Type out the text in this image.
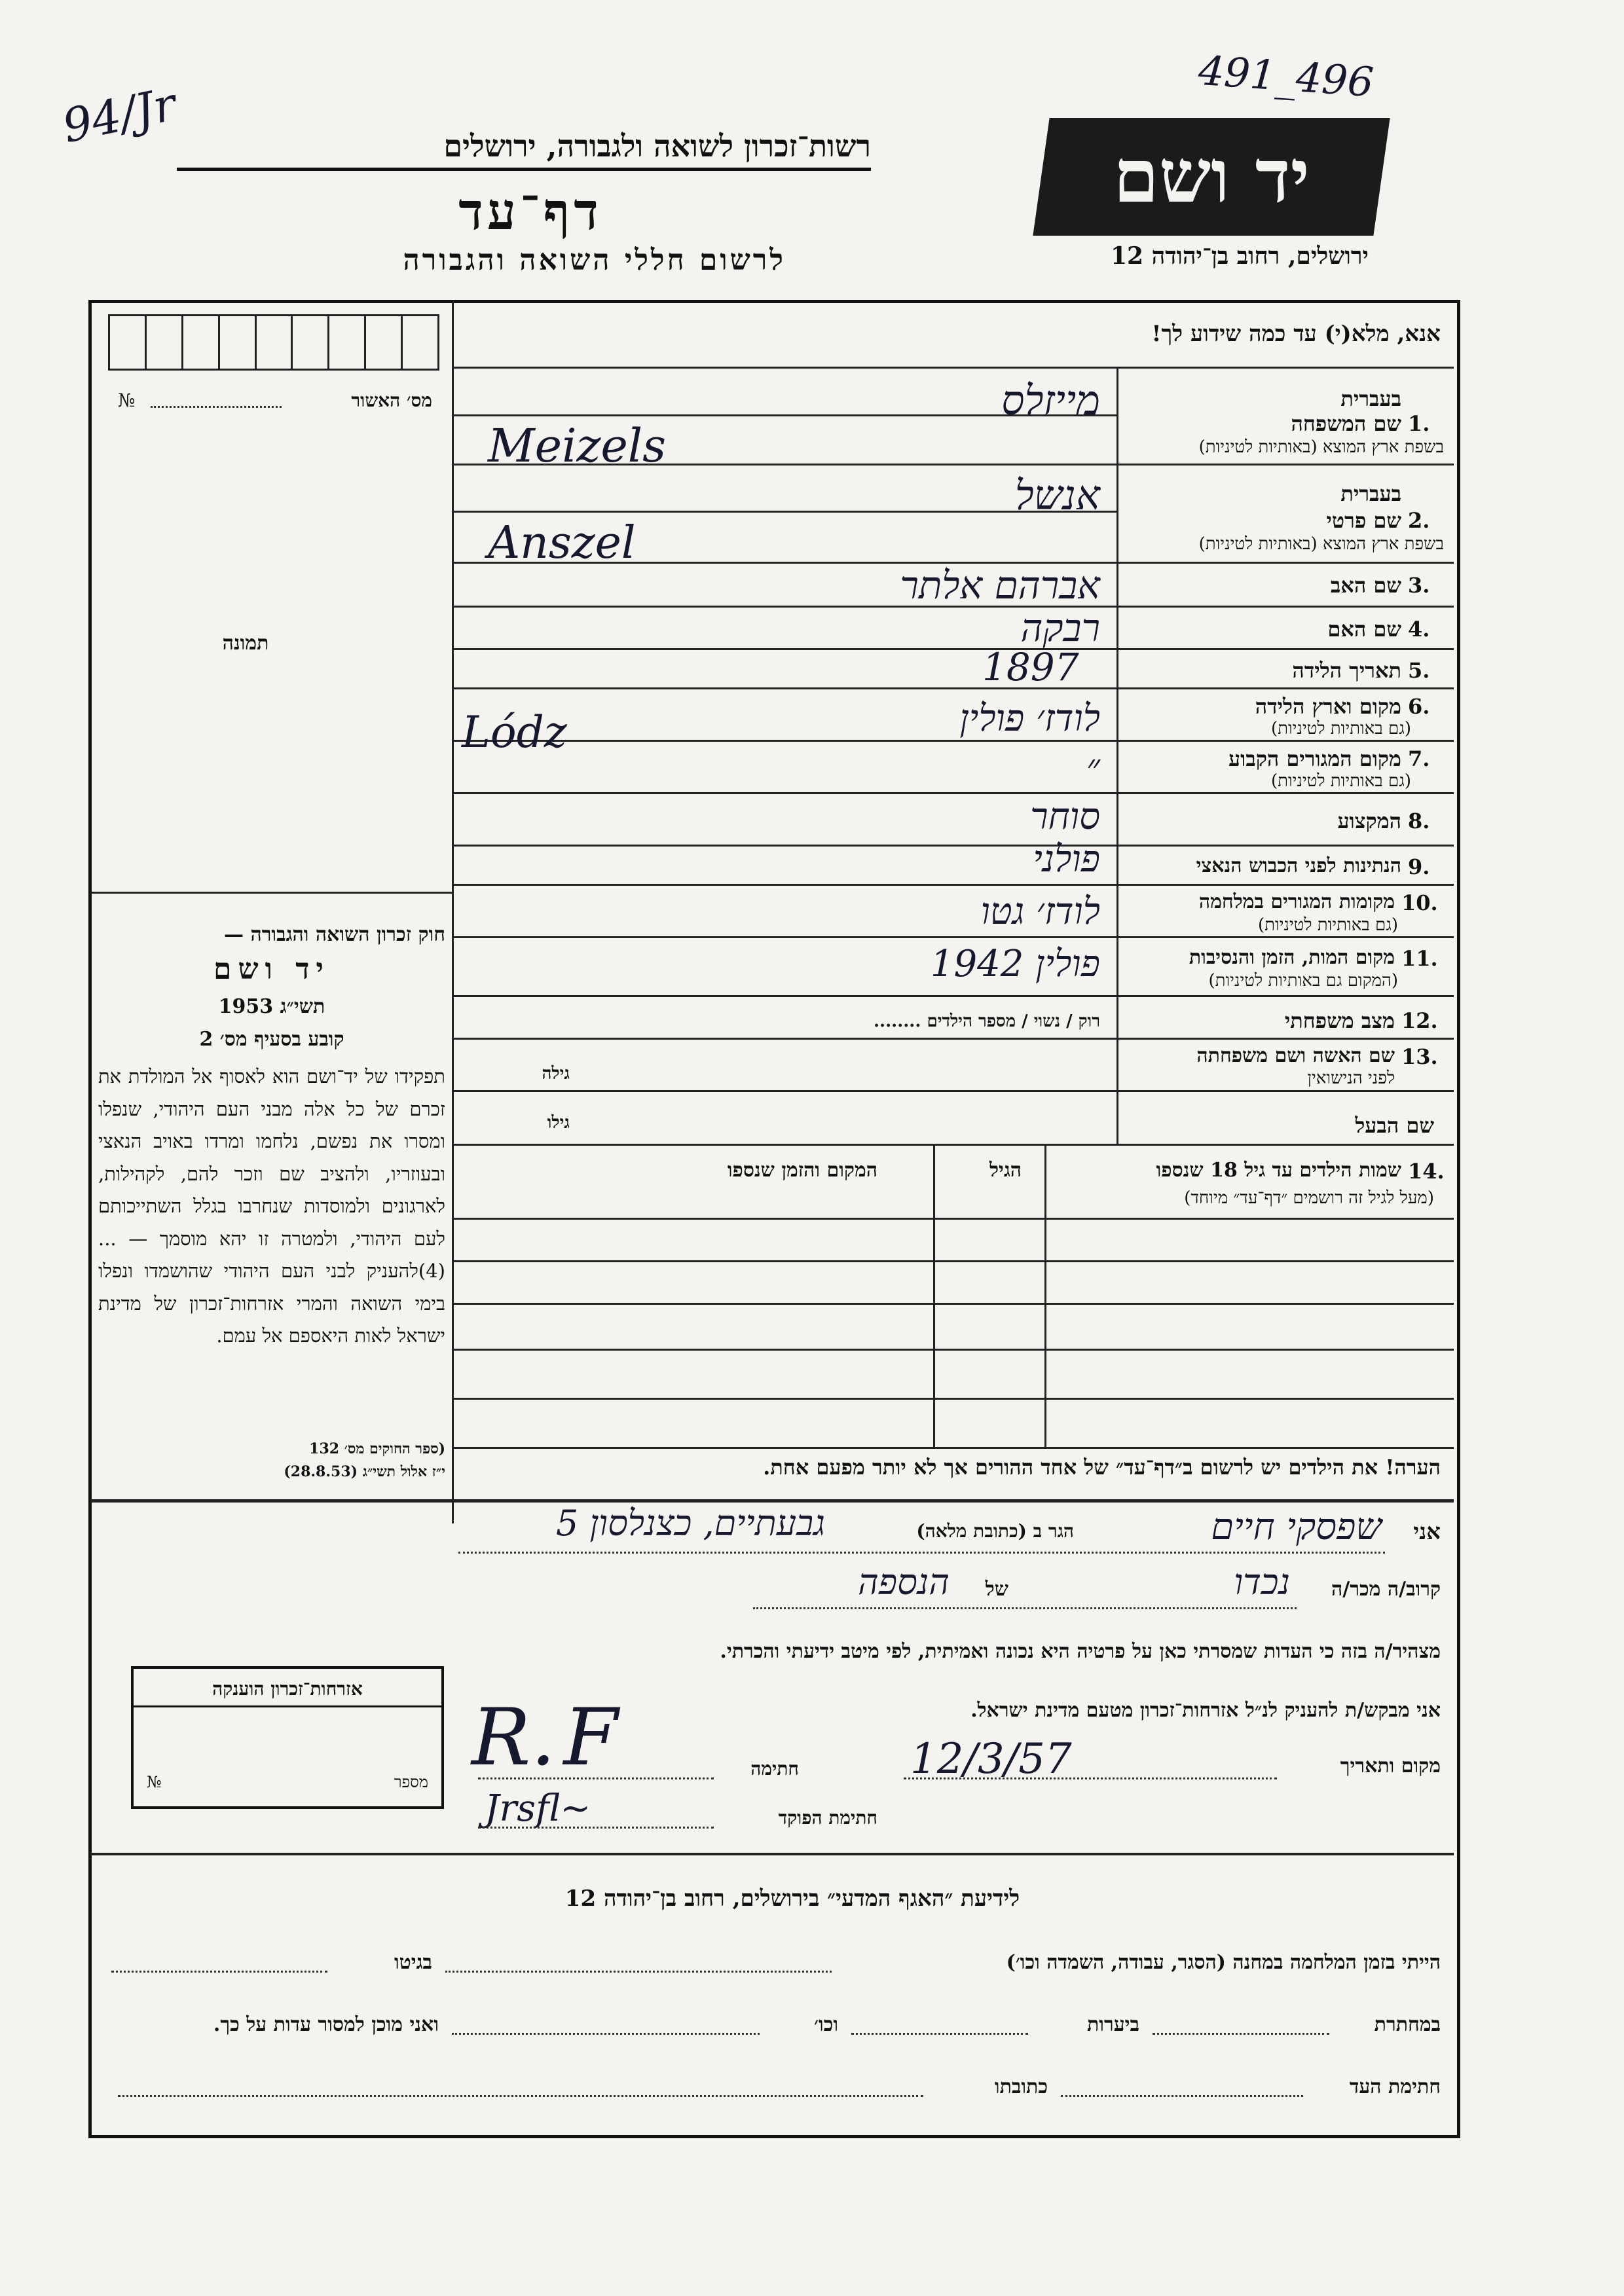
94/Jr
491_496
רשות־זכרון לשואה ולגבורה, ירושלים
דף־עד
לרשום חללי השואה והגבורה
יד ושם
ירושלים, רחוב בן־יהודה 12
אנא, מלא(י) עד כמה שידוע לך!
מס׳ האשור
№
תמונה
חוק זכרון השואה והגבורה —
יד ושם
1953 תשי״ג
קובע בסעיף מס׳ 2
תפקידו של יד־ושם הוא לאסוף אל המולדת את זכרם של כל אלה מבני העם היהודי, שנפלו ומסרו את נפשם, נלחמו ומרדו באויב הנאצי ובעוזריו, ולהציב שם וזכר להם, לקהילות, לארגונים ולמוסדות שנחרבו בגלל השתייכותם לעם היהודי, ולמטרה זו יהא מוסמך — ...(4)להעניק לבני העם היהודי שהושמדו ונפלו בימי השואה והמרי אזרחות־זכרון של מדינת ישראל לאות היאספם אל עמם.
(ספר החוקים מס׳ 132
י״ז אלול תשי״ג (28.8.53)
אזרחות־זכרון הוענקה
№	מספר
1.
בעברית
שם המשפחה
בשפת ארץ המוצא (באותיות לטיניות)
מייזלס
Meizels
2.
בעברית
שם פרטי
בשפת ארץ המוצא (באותיות לטיניות)
אנשל
Anszel
3.
שם האב
אברהם אלתר
4.
שם האם
רבקה
5.
תאריך הלידה
1897
6.
מקום וארץ הלידה
(גם באותיות לטיניות)
לודז׳ פולין
Lódz
7.
מקום המגורים הקבוע
(גם באותיות לטיניות)
״
8.
המקצוע
סוחר
9.
הנתינות לפני הכבוש הנאצי
פולני
10.
מקומות המגורים במלחמה
(גם באותיות לטיניות)
לודז׳ גטו
11.
מקום המות, הזמן והנסיבות
(המקום גם באותיות לטיניות)
פולין 1942
12.
מצב משפחתי
רוק / נשוי / מספר הילדים ........
13.
שם האשה ושם משפחתה
לפני הנישואין
גילה
שם הבעל
גילו
14.
שמות הילדים עד גיל 18 שנספו
(מעל לגיל זה רושמים ״דף־עד״ מיוחד)
הגיל
המקום והזמן שנספו
הערה! את הילדים יש לרשום ב״דף־עד״ של אחד ההורים אך לא יותר מפעם אחת.
אני
שפסקי חיים
הגר ב (כתובת מלאה)
גבעתיים, כצנלסון 5
קרוב/ה מכר/ה
נכדו
של
הנספה
מצהיר/ה בזה כי העדות שמסרתי כאן על פרטיה היא נכונה ואמיתית, לפי מיטב ידיעתי והכרתי.
אני מבקש/ת להעניק לנ״ל אזרחות־זכרון מטעם מדינת ישראל.
R. F	מקום ותאריך
12/3/57
חתימה
חתימת הפוקד
Jrsfl~
לידיעת ״האגף המדעי״ בירושלים, רחוב בן־יהודה 12
הייתי בזמן המלחמה במחנה (הסגר, עבודה, השמדה וכו׳)
בגיטו
במחתרת
ביערות
וכו׳
ואני מוכן למסור עדות על כך.
חתימת העד
כתובתו
